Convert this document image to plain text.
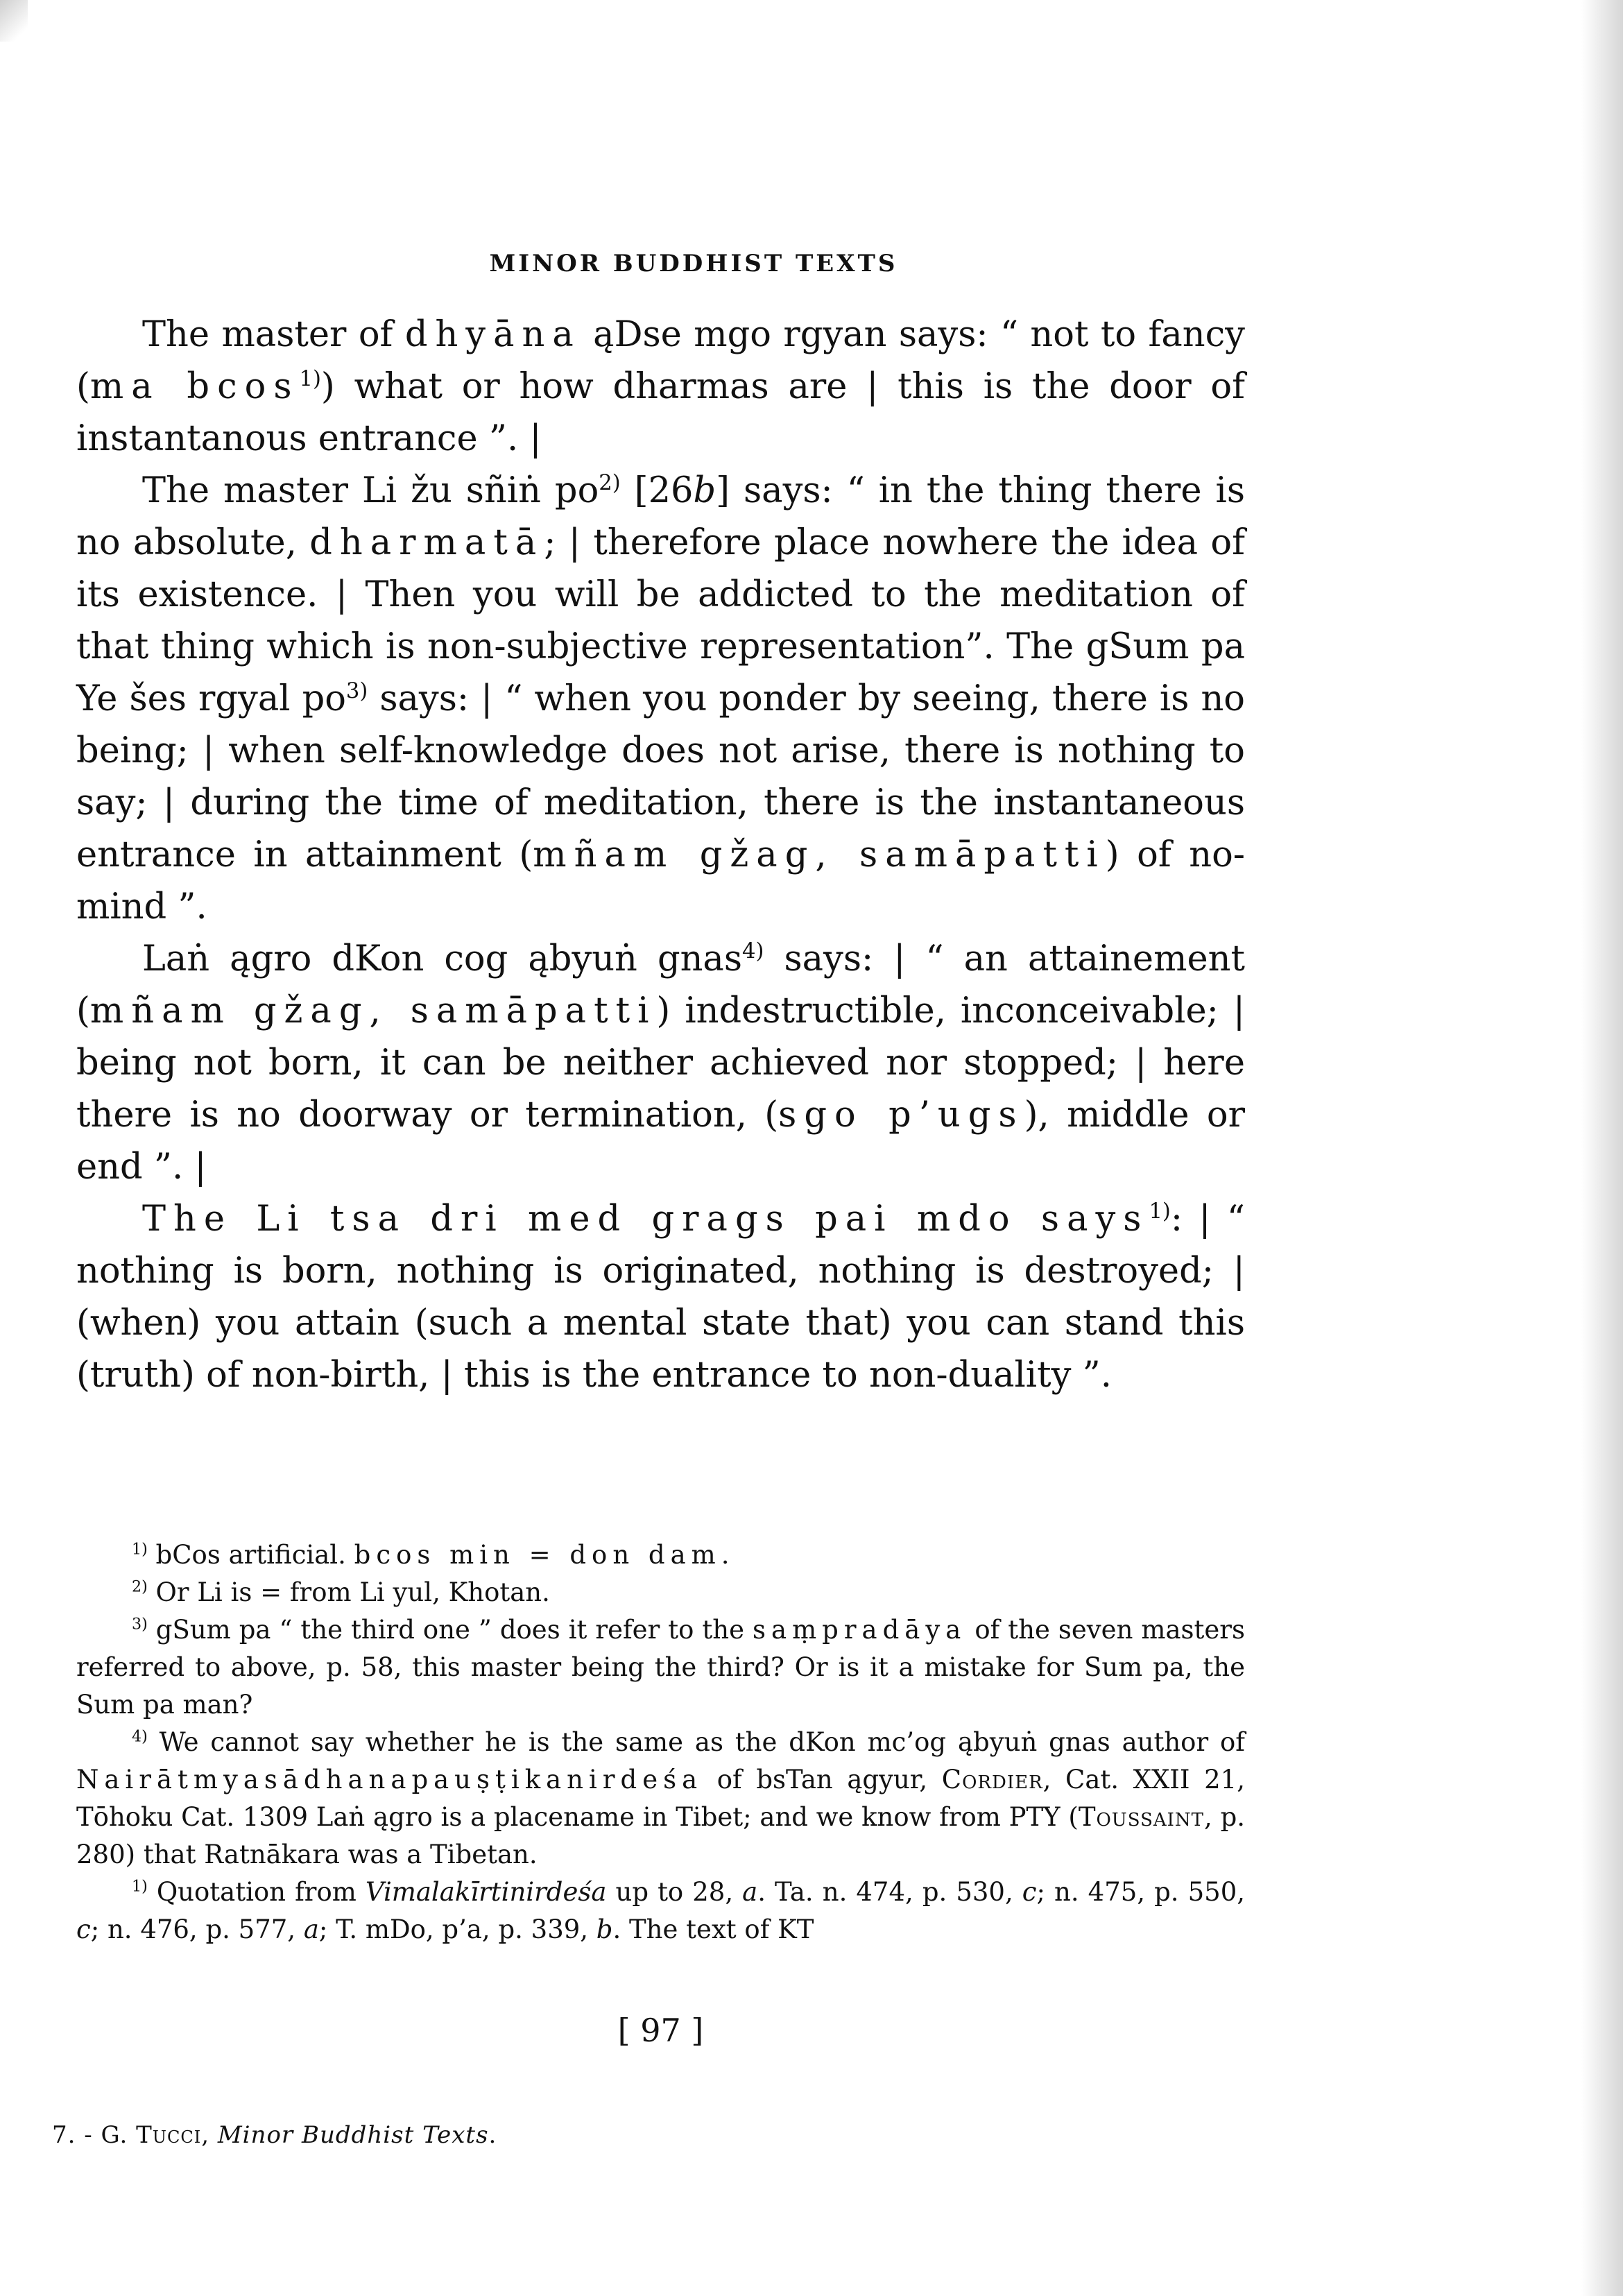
MINOR BUDDHIST TEXTS

The master of dhyāna ąDse mgo rgyan says: “ not to fancy (ma bcos$^{1)}$) what or how dharmas are | this is the door of instantanous entrance ”. |

The master Li žu sñiṅ $po^{2)}$ [26b] says: “ in the thing there is no absolute, dharmatā; | therefore place nowhere the idea of its existence. | Then you will be addicted to the meditation of that thing which is non-subjective representation”. The gSum pa Ye šes rgyal $po^{3)}$ says: | “ when you ponder by seeing, there is no being; | when self-knowledge does not arise, there is nothing to say; | during the time of meditation, there is the instantaneous entrance in attainment (mñam gžag, samāpatti) of no-mind ”.

Laṅ ągro dKon cog ąbyuṅ gnas$^{4)}$ says: | “ an attainement (mñam gžag, samāpatti) indestructible, inconceivable; | being not born, it can be neither achieved nor stopped; | here there is no doorway or termination, (sgo p’ugs), middle or end ”. |

The Li tsa dri med grags pai mdo says$^{1)}$: | “ nothing is born, nothing is originated, nothing is destroyed; | (when) you attain (such a mental state that) you can stand this (truth) of non-birth, | this is the entrance to non-duality ”.

$^{1)}$ bCos artificial. bcos min = don dam.

$^{2)}$ Or Li is = from Li yul, Khotan.

$^{3)}$ gSum pa “ the third one ” does it refer to the saṃpradāya of the seven masters referred to above, p. 58, this master being the third? Or is it a mistake for Sum pa, the Sum pa man?

$^{4)}$ We cannot say whether he is the same as the dKon mc’og ąbyuṅ gnas author of Nairātmyasādhanapauṣṭikanirdeśa of bsTan ągyur, Cordier, Cat. XXII 21, Tōhoku Cat. 1309 Laṅ ągro is a placename in Tibet; and we know from PTY (Toussaint, p. 280) that Ratnākara was a Tibetan.

$^{1)}$ Quotation from Vimalakīrtinirdeśa up to 28, a. Ta. n. 474, p. 530, c; n. 475, p. 550, c; n. 476, p. 577, a; T. mDo, p’a, p. 339, b. The text of KT

[ 97 ]
7. - G. Tucci, Minor Buddhist Texts.
